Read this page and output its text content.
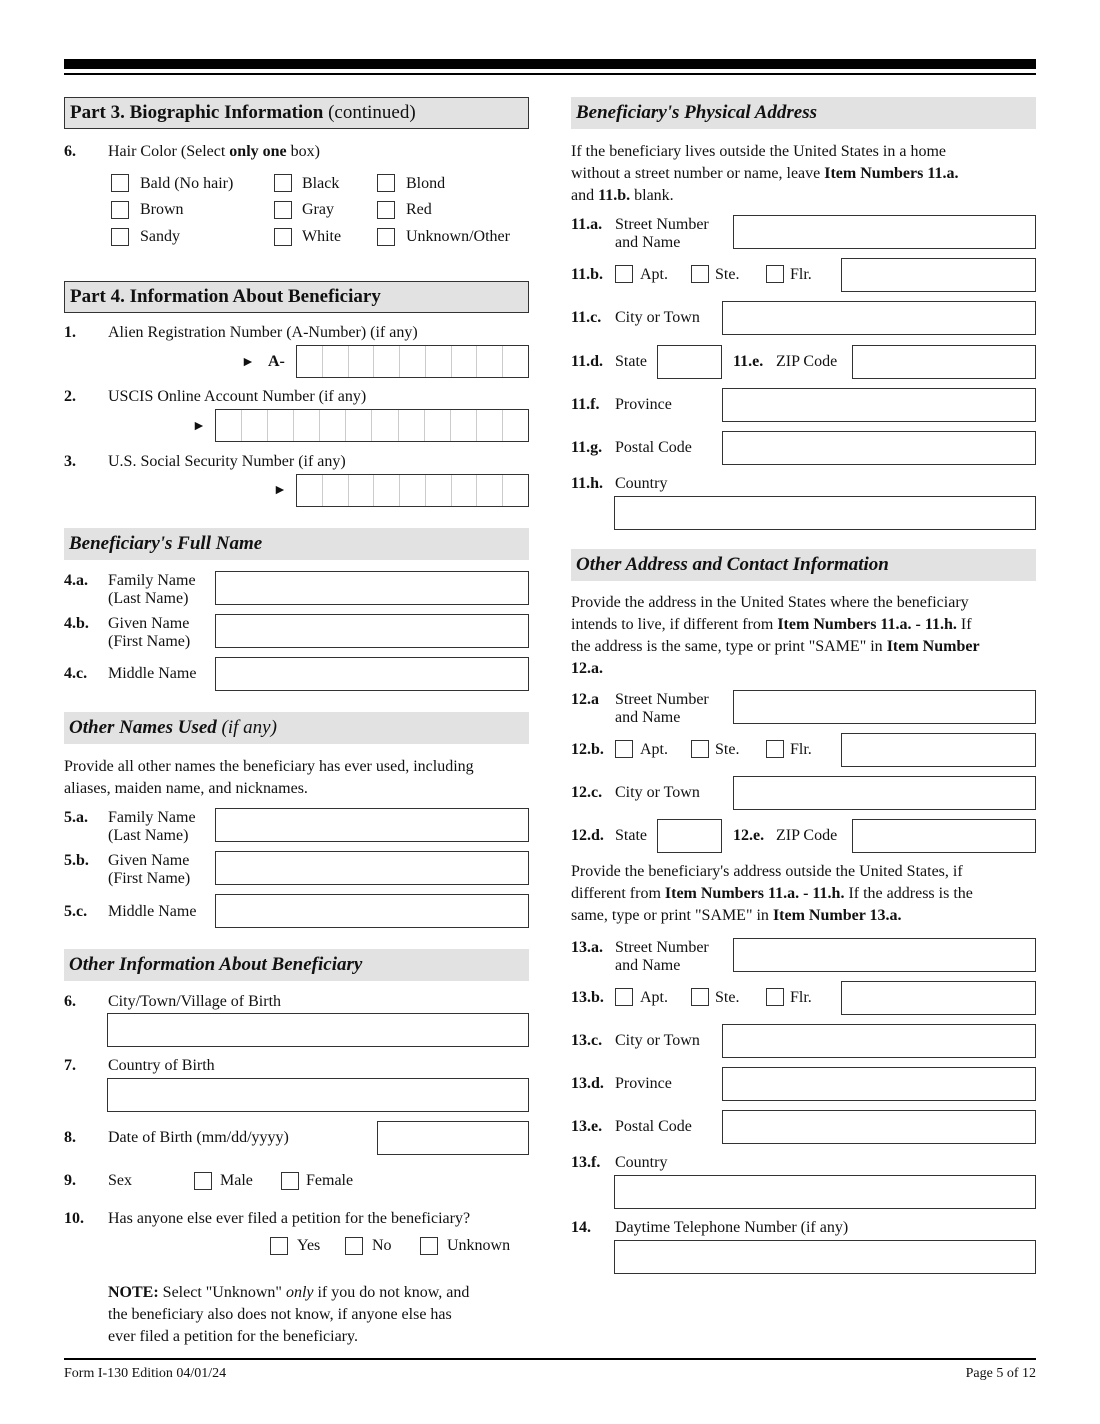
Part 3. Biographic Information (continued)
6. Hair Color (Select only one box)
Bald (No hair)	Black	Blond
Brown	Gray	Red
Sandy	White	Unknown/Other
Part 4. Information About Beneficiary
1. Alien Registration Number (A-Number) (if any)
► A-
2. USCIS Online Account Number (if any)
►
3. U.S. Social Security Number (if any)
►
Beneficiary's Full Name
4.a. Family Name
(Last Name)
4.b. Given Name
(First Name)
4.c. Middle Name
Other Names Used (if any)
Provide all other names the beneficiary has ever used, including
aliases, maiden name, and nicknames.
5.a. Family Name
(Last Name)
5.b. Given Name
(First Name)
5.c. Middle Name
Other Information About Beneficiary
6. City/Town/Village of Birth
7. Country of Birth
8. Date of Birth (mm/dd/yyyy)
9. Sex	Male	Female
10. Has anyone else ever filed a petition for the beneficiary?
Yes	No	Unknown
NOTE: Select "Unknown" only if you do not know, and
the beneficiary also does not know, if anyone else has
ever filed a petition for the beneficiary.
Beneficiary's Physical Address
If the beneficiary lives outside the United States in a home
without a street number or name, leave Item Numbers 11.a.
and 11.b. blank.
11.a. Street Number
and Name
11.b. Apt.	Ste.	Flr.
11.c. City or Town
11.d. State	11.e. ZIP Code
11.f. Province
11.g. Postal Code
11.h. Country
Other Address and Contact Information
Provide the address in the United States where the beneficiary
intends to live, if different from Item Numbers 11.a. - 11.h. If
the address is the same, type or print "SAME" in Item Number
12.a.
12.a Street Number
and Name
12.b. Apt.	Ste.	Flr.
12.c. City or Town
12.d. State	12.e. ZIP Code
Provide the beneficiary's address outside the United States, if
different from Item Numbers 11.a. - 11.h. If the address is the
same, type or print "SAME" in Item Number 13.a.
13.a. Street Number
and Name
13.b. Apt.	Ste.	Flr.
13.c. City or Town
13.d. Province
13.e. Postal Code
13.f. Country
14. Daytime Telephone Number (if any)
Form I-130 Edition 04/01/24	Page 5 of 12
